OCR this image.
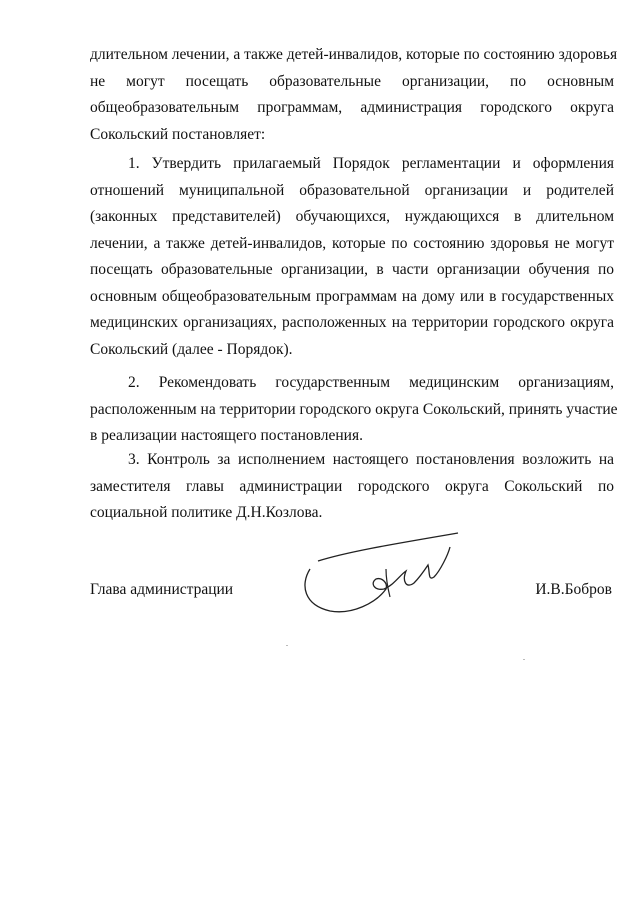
длительном лечении, а также детей-инвалидов, которые по состоянию здоровья
не могут посещать образовательные организации, по основным
общеобразовательным программам, администрация городского округа
Сокольский постановляет:
1. Утвердить прилагаемый Порядок регламентации и оформления
отношений муниципальной образовательной организации и родителей
(законных представителей) обучающихся, нуждающихся в длительном
лечении, а также детей-инвалидов, которые по состоянию здоровья не могут
посещать образовательные организации, в части организации обучения по
основным общеобразовательным программам на дому или в государственных
медицинских организациях, расположенных на территории городского округа
Сокольский (далее - Порядок).
2. Рекомендовать государственным медицинским организациям,
расположенным на территории городского округа Сокольский, принять участие
в реализации настоящего постановления.
3. Контроль за исполнением настоящего постановления возложить на
заместителя главы администрации городского округа Сокольский по
социальной политике Д.Н.Козлова.
Глава администрации	И.В.Бобров
